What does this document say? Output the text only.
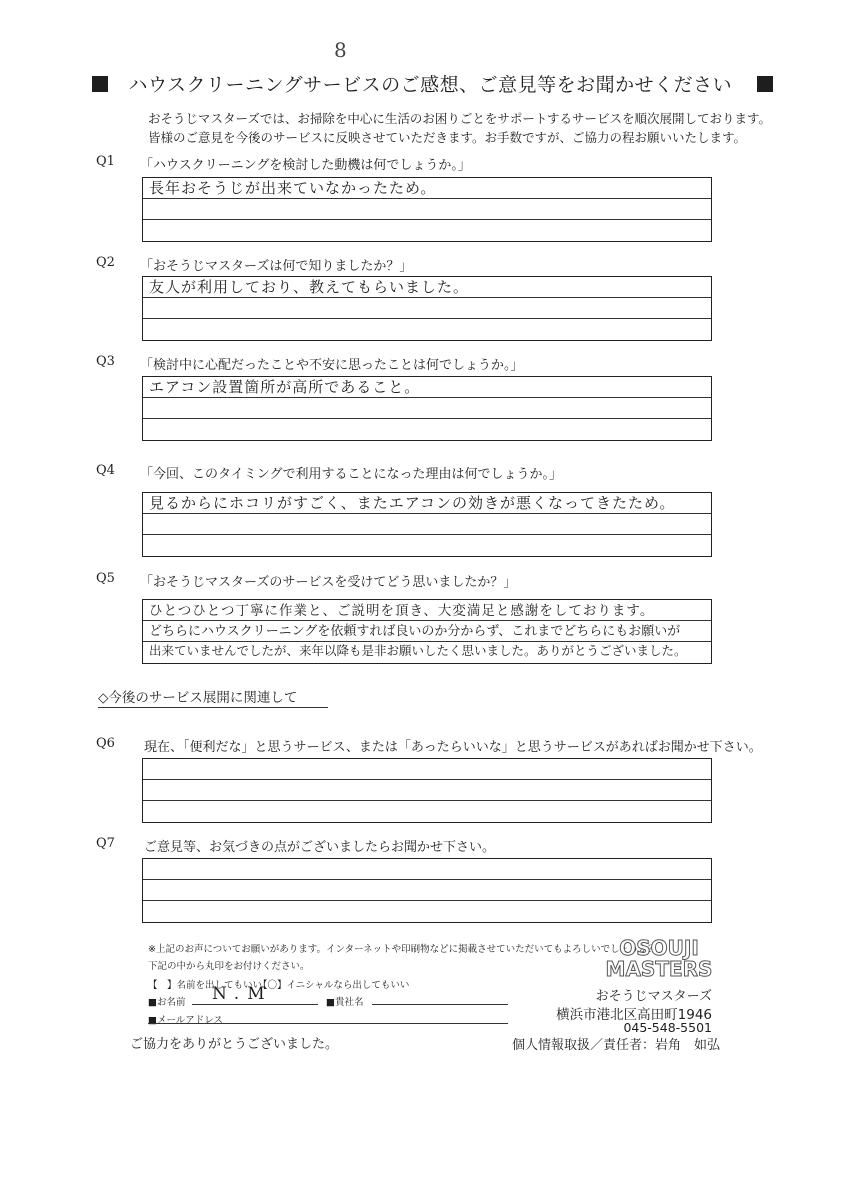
8
ハウスクリーニングサービスのご感想、ご意見等をお聞かせください
おそうじマスターズでは、お掃除を中心に生活のお困りごとをサポートするサービスを順次展開しております。
皆様のご意見を今後のサービスに反映させていただきます。お手数ですが、ご協力の程お願いいたします。
Q1 「ハウスクリーニングを検討した動機は何でしょうか。」
長年おそうじが出来ていなかったため。
Q2 「おそうじマスターズは何で知りましたか？」
友人が利用しており、教えてもらいました。
Q3 「検討中に心配だったことや不安に思ったことは何でしょうか。」
エアコン設置箇所が高所であること。
Q4 「今回、このタイミングで利用することになった理由は何でしょうか。」
見るからにホコリがすごく、またエアコンの効きが悪くなってきたため。
Q5 「おそうじマスターズのサービスを受けてどう思いましたか？」
ひとつひとつ丁寧に作業と、ご説明を頂き、大変満足と感謝をしております。
どちらにハウスクリーニングを依頼すれば良いのか分からず、これまでどちらにもお願いが
出来ていませんでしたが、来年以降も是非お願いしたく思いました。ありがとうございました。
◇今後のサービス展開に関連して
Q6 現在、「便利だな」と思うサービス、または「あったらいいな」と思うサービスがあればお聞かせ下さい。
Q7 ご意見等、お気づきの点がございましたらお聞かせ下さい。
※上記のお声についてお願いがあります。インターネットや印刷物などに掲載させていただいてもよろしいでしょうか？
下記の中から丸印をお付けください。
【　】名前を出してもいい
【〇】イニシャルなら出してもいい
■お名前 N.M	■貴社名
■メールアドレス
OSOUJI
MASTERS
おそうじマスターズ
横浜市港北区高田町1946
045-548-5501
個人情報取扱／責任者：岩角　如弘
ご協力をありがとうございました。
